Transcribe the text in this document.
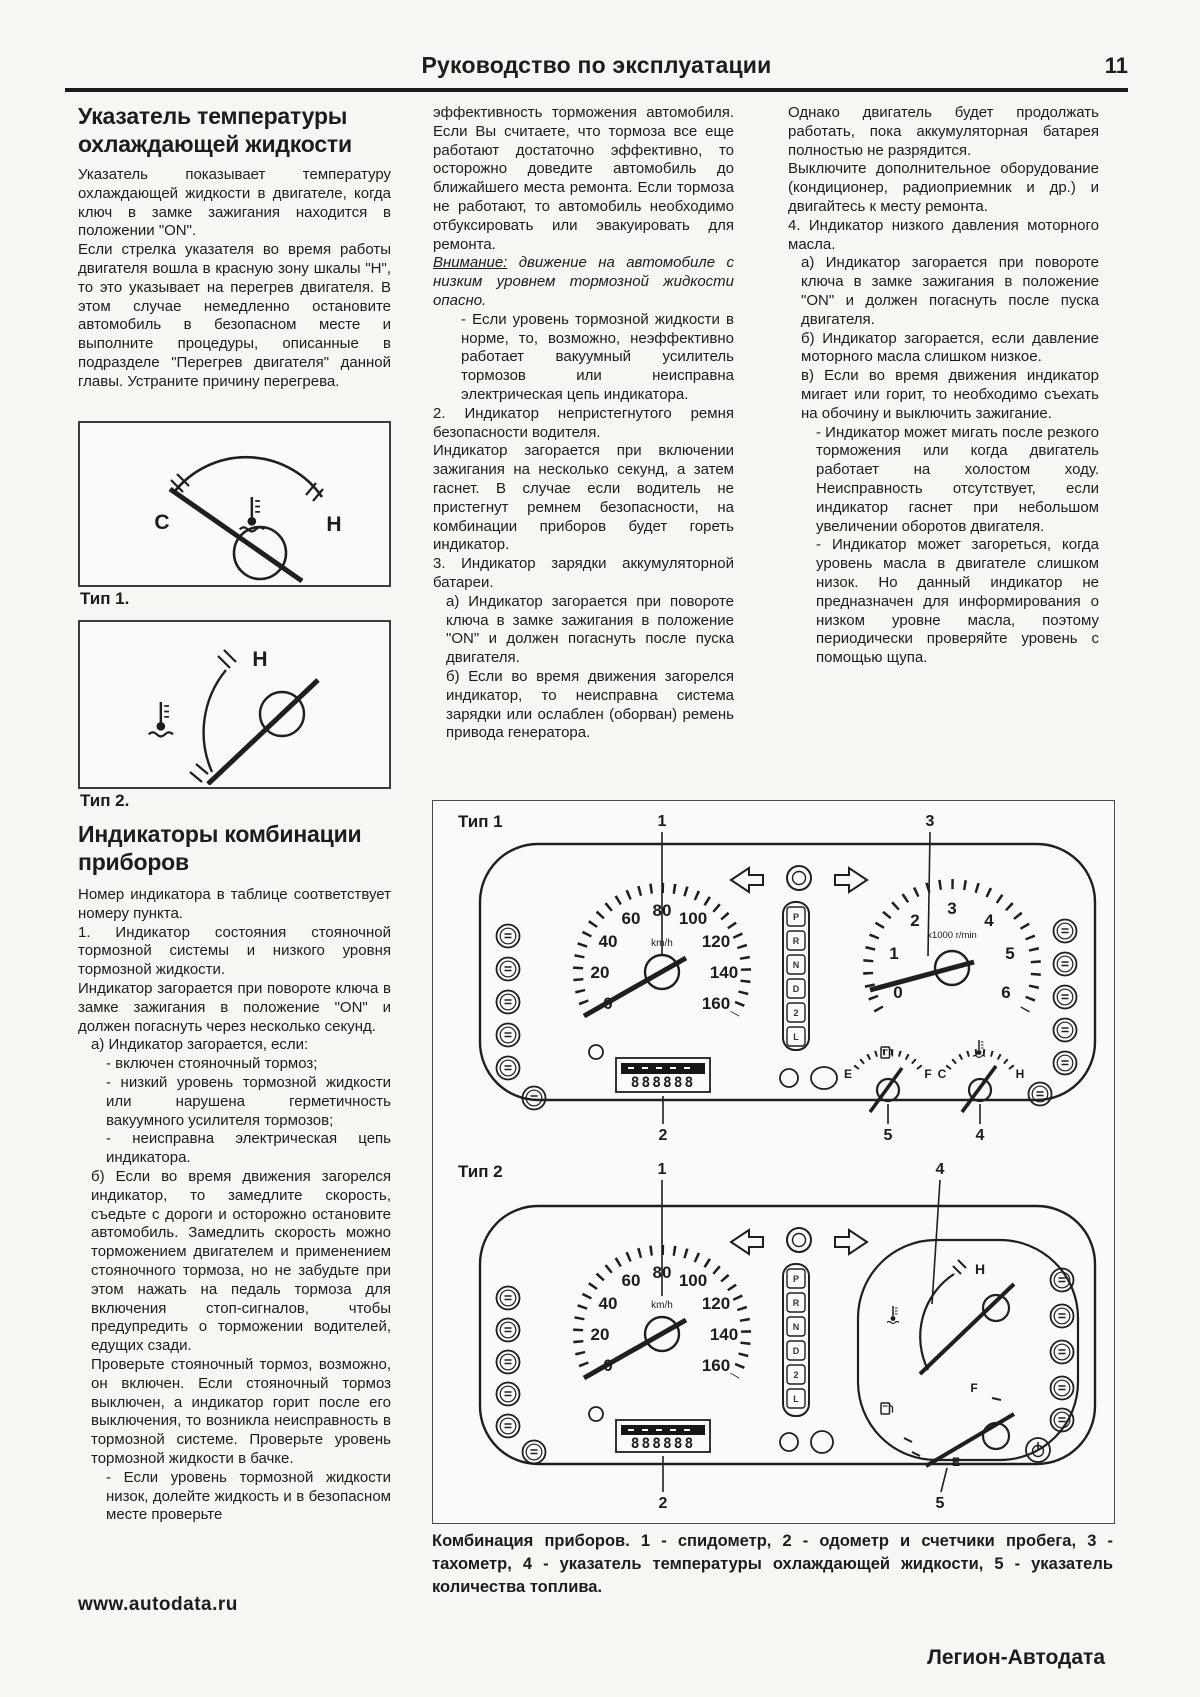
Руководство по эксплуатации	11
Указатель температуры охлаждающей жидкости

Указатель показывает температуру охлаждающей жидкости в двигателе, когда ключ в замке зажигания находится в положении "ON".

Если стрелка указателя во время работы двигателя вошла в красную зону шкалы "Н", то это указывает на перегрев двигателя. В этом случае немедленно остановите автомобиль в безопасном месте и выполните процедуры, описанные в подразделе "Перегрев двигателя" данной главы. Устраните причину перегрева.

C	H
Тип 1.
H
Тип 2.
Индикаторы комбинации приборов

Номер индикатора в таблице соответствует номеру пункта.

1. Индикатор состояния стояночной тормозной системы и низкого уровня тормозной жидкости.

Индикатор загорается при повороте ключа в замке зажигания в положение "ON" и должен погаснуть через несколько секунд.

а) Индикатор загорается, если:

- включен стояночный тормоз;

- низкий уровень тормозной жидкости или нарушена герметичность вакуумного усилителя тормозов;

- неисправна электрическая цепь индикатора.

б) Если во время движения загорелся индикатор, то замедлите скорость, съедьте с дороги и осторожно остановите автомобиль. Замедлить скорость можно торможением двигателем и применением стояночного тормоза, но не забудьте при этом нажать на педаль тормоза для включения стоп-сигналов, чтобы предупредить о торможении водителей, едущих сзади.

Проверьте стояночный тормоз, возможно, он включен. Если стояночный тормоз выключен, а индикатор горит после его выключения, то возникла неисправность в тормозной системе. Проверьте уровень тормозной жидкости в бачке.

- Если уровень тормозной жидкости низок, долейте жидкость и в безопасном месте проверьте

эффективность торможения автомобиля. Если Вы считаете, что тормоза все еще работают достаточно эффективно, то осторожно доведите автомобиль до ближайшего места ремонта. Если тормоза не работают, то автомобиль необходимо отбуксировать или эвакуировать для ремонта.

Внимание: движение на автомобиле с низким уровнем тормозной жидкости опасно.

- Если уровень тормозной жидкости в норме, то, возможно, неэффективно работает вакуумный усилитель тормозов или неисправна электрическая цепь индикатора.

2. Индикатор непристегнутого ремня безопасности водителя.

Индикатор загорается при включении зажигания на несколько секунд, а затем гаснет. В случае если водитель не пристегнут ремнем безопасности, на комбинации приборов будет гореть индикатор.

3. Индикатор зарядки аккумуляторной батареи.

а) Индикатор загорается при повороте ключа в замке зажигания в положение "ON" и должен погаснуть после пуска двигателя.

б) Если во время движения загорелся индикатор, то неисправна система зарядки или ослаблен (оборван) ремень привода генератора.

Однако двигатель будет продолжать работать, пока аккумуляторная батарея полностью не разрядится.

Выключите дополнительное оборудование (кондиционер, радиоприемник и др.) и двигайтесь к месту ремонта.

4. Индикатор низкого давления моторного масла.

а) Индикатор загорается при повороте ключа в замке зажигания в положение "ON" и должен погаснуть после пуска двигателя.

б) Индикатор загорается, если давление моторного масла слишком низкое.

в) Если во время движения индикатор мигает или горит, то необходимо съехать на обочину и выключить зажигание.

- Индикатор может мигать после резкого торможения или когда двигатель работает на холостом ходу. Неисправность отсутствует, если индикатор гаснет при небольшом увеличении оборотов двигателя.

- Индикатор может загореться, когда уровень масла в двигателе слишком низок. Но данный индикатор не предназначен для информирования о низком уровне масла, поэтому периодически проверяйте уровень с помощью щупа.

Тип 1
Тип 2
1	3
0
20
40
60 80 100
120
140
160
km/h
888888
P
R
N
D
2
L
0
1
2
3
4
5
6
x1000 r/min
E	F C	H
2	5	4
1	4
0
20
40
60 80 100
120
140
160
km/h
888888
P
R
N
D
2
L
H
F
E
2	5
Комбинация приборов. 1 - спидометр, 2 - одометр и счетчики пробега, 3 - тахометр, 4 - указатель температуры охлаждающей жидкости, 5 - указатель количества топлива.
www.autodata.ru
Легион-Автодата
